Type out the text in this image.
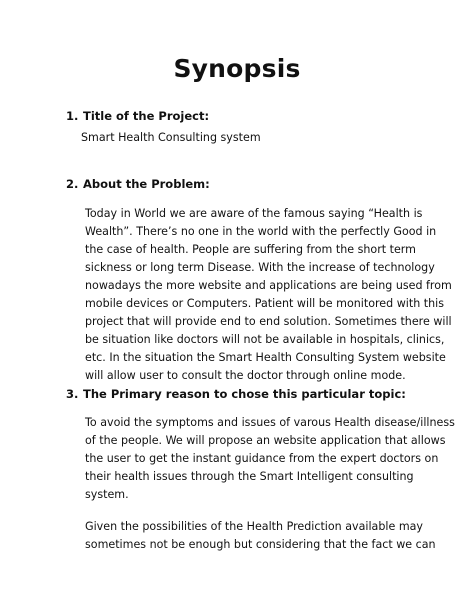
Synopsis
1. Title of the Project:
Smart Health Consulting system
2. About the Problem:
Today in World we are aware of the famous saying “Health is
Wealth”. There’s no one in the world with the perfectly Good in
the case of health. People are suffering from the short term
sickness or long term Disease. With the increase of technology
nowadays the more website and applications are being used from
mobile devices or Computers. Patient will be monitored with this
project that will provide end to end solution. Sometimes there will
be situation like doctors will not be available in hospitals, clinics,
etc. In the situation the Smart Health Consulting System website
will allow user to consult the doctor through online mode.
3. The Primary reason to chose this particular topic:
To avoid the symptoms and issues of varous Health disease/illness
of the people. We will propose an website application that allows
the user to get the instant guidance from the expert doctors on
their health issues through the Smart Intelligent consulting
system.
Given the possibilities of the Health Prediction available may
sometimes not be enough but considering that the fact we can
